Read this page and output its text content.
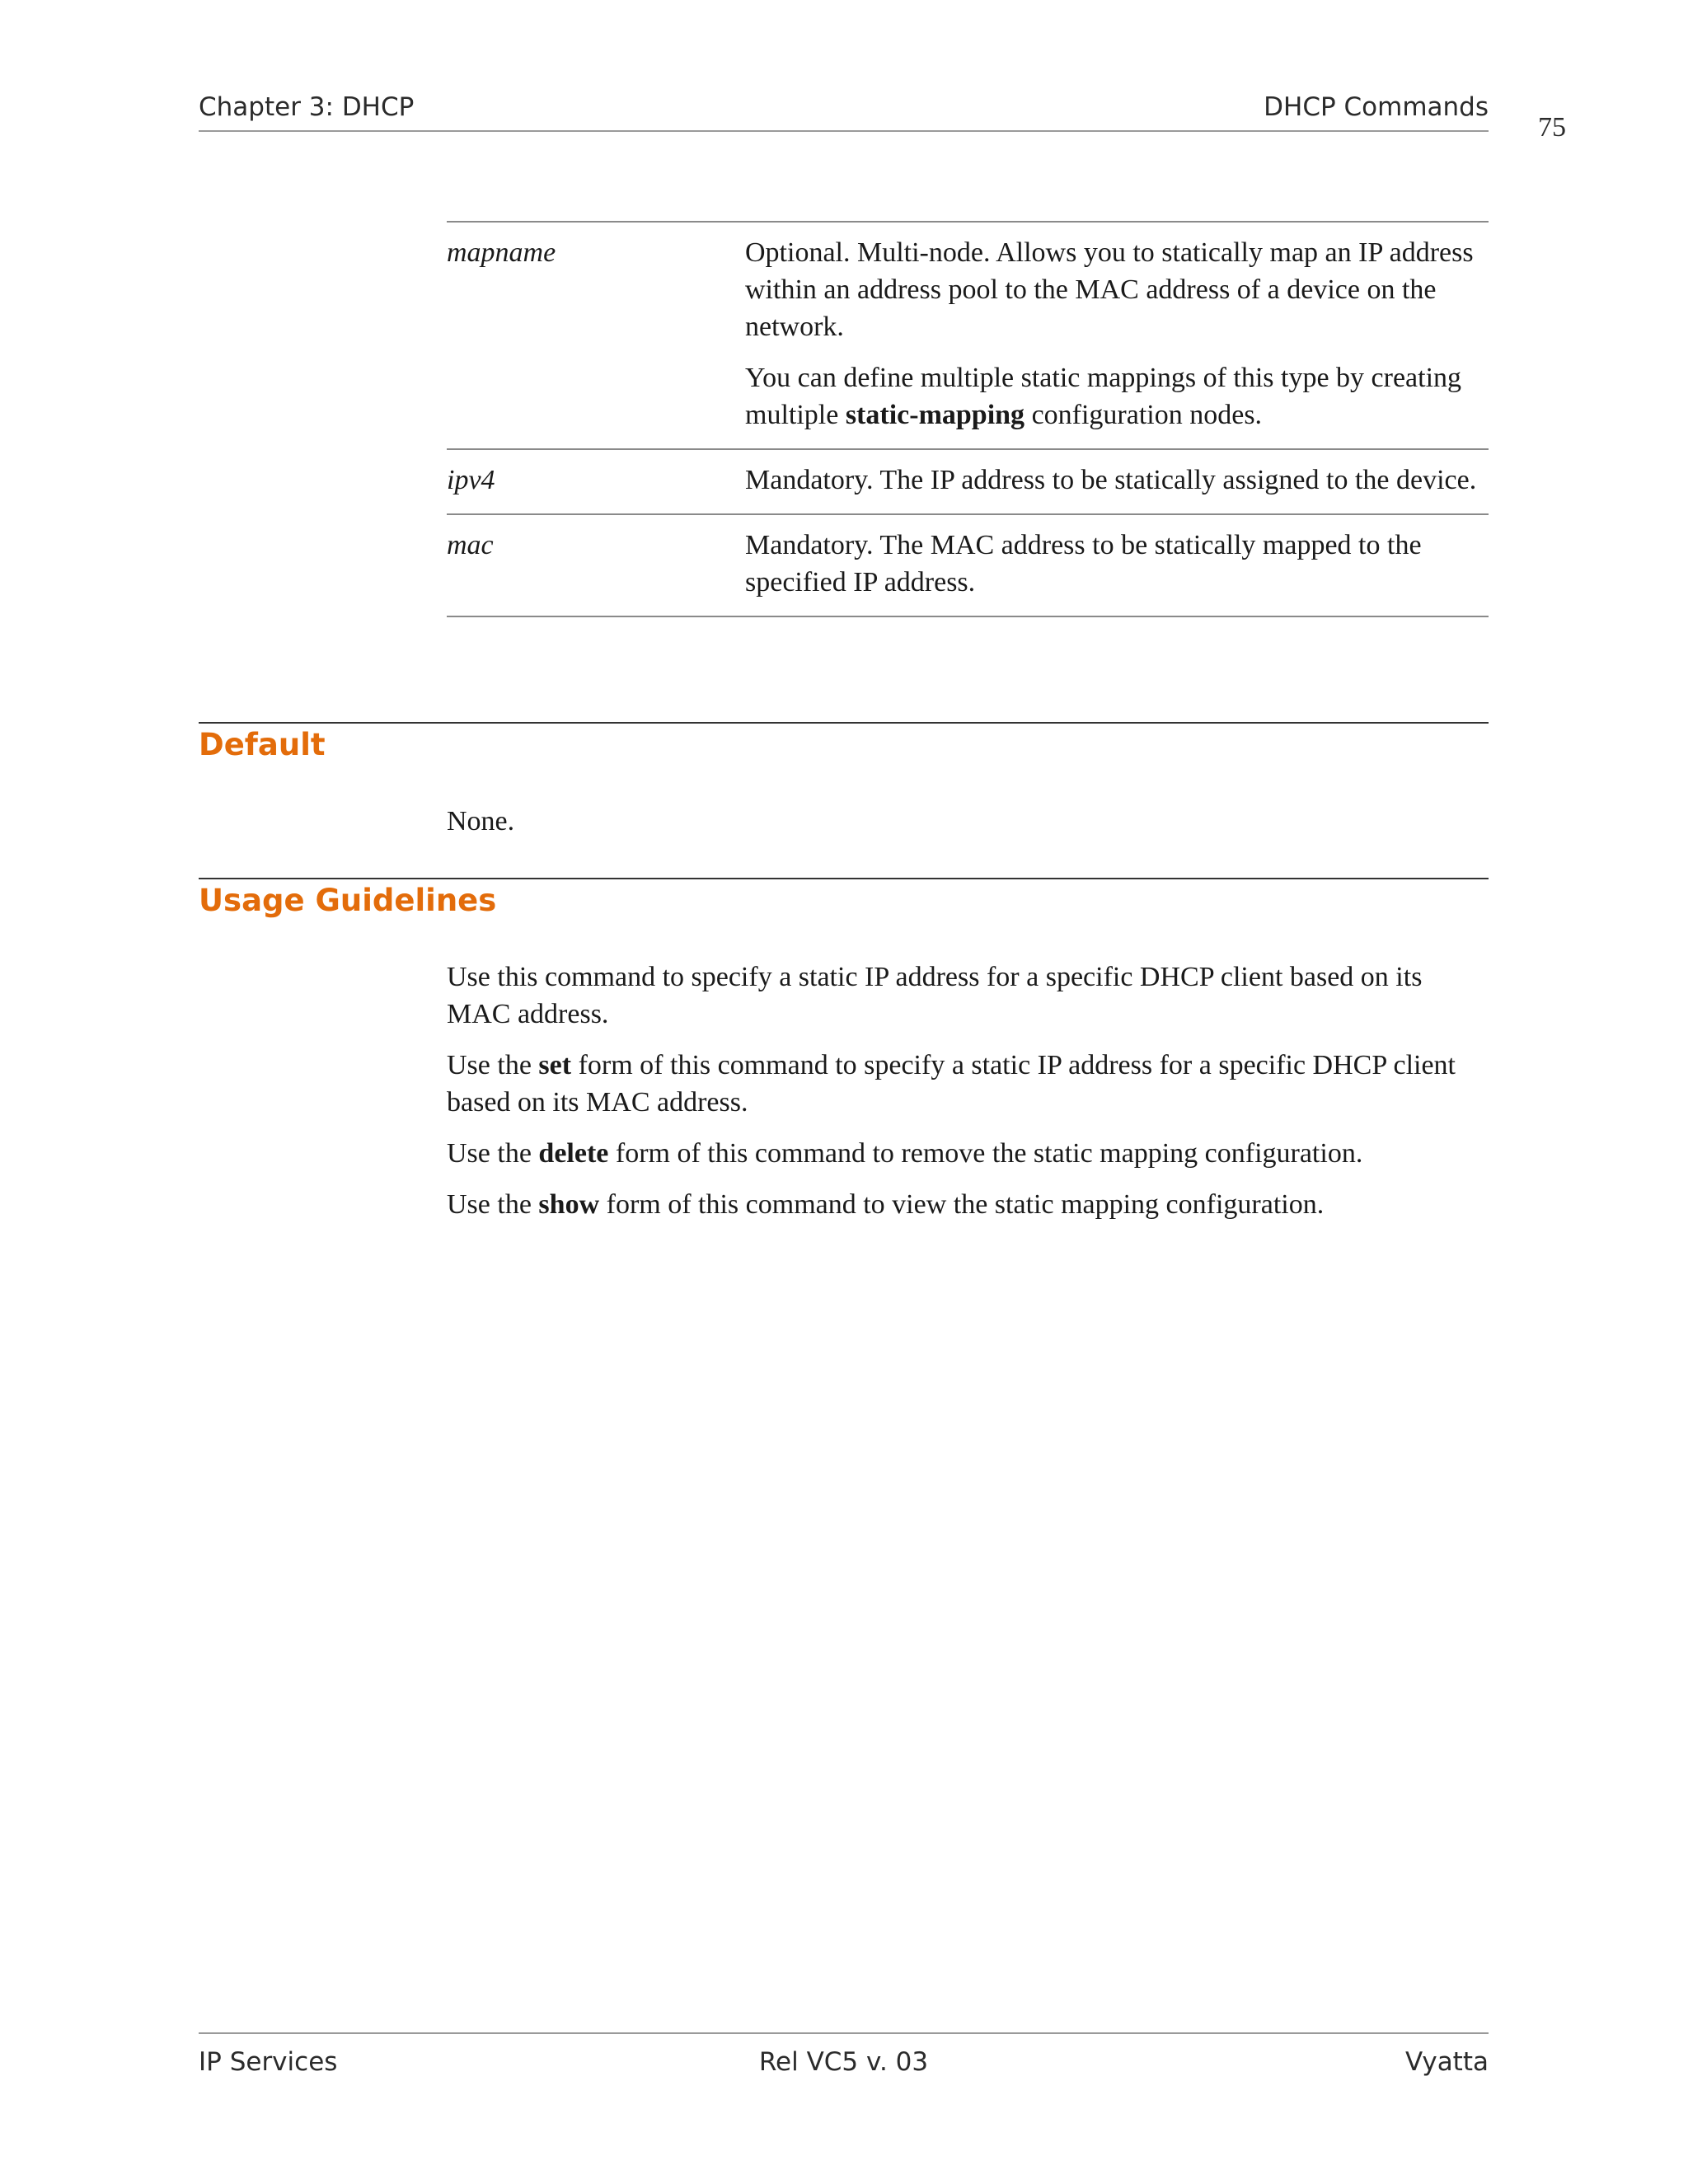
Chapter 3: DHCP	DHCP Commands
75
mapname	Optional. Multi-node. Allows you to statically map an IP address within an address pool to the MAC address of a device on the network.

You can define multiple static mappings of this type by creating multiple static-mapping configuration nodes.

ipv4	Mandatory. The IP address to be statically assigned to the device.

mac	Mandatory. The MAC address to be statically mapped to the specified IP address.

Default

None.

Usage Guidelines

Use this command to specify a static IP address for a specific DHCP client based on its MAC address.

Use the set form of this command to specify a static IP address for a specific DHCP client based on its MAC address.

Use the delete form of this command to remove the static mapping configuration.

Use the show form of this command to view the static mapping configuration.

IP Services	Rel VC5 v. 03	Vyatta
